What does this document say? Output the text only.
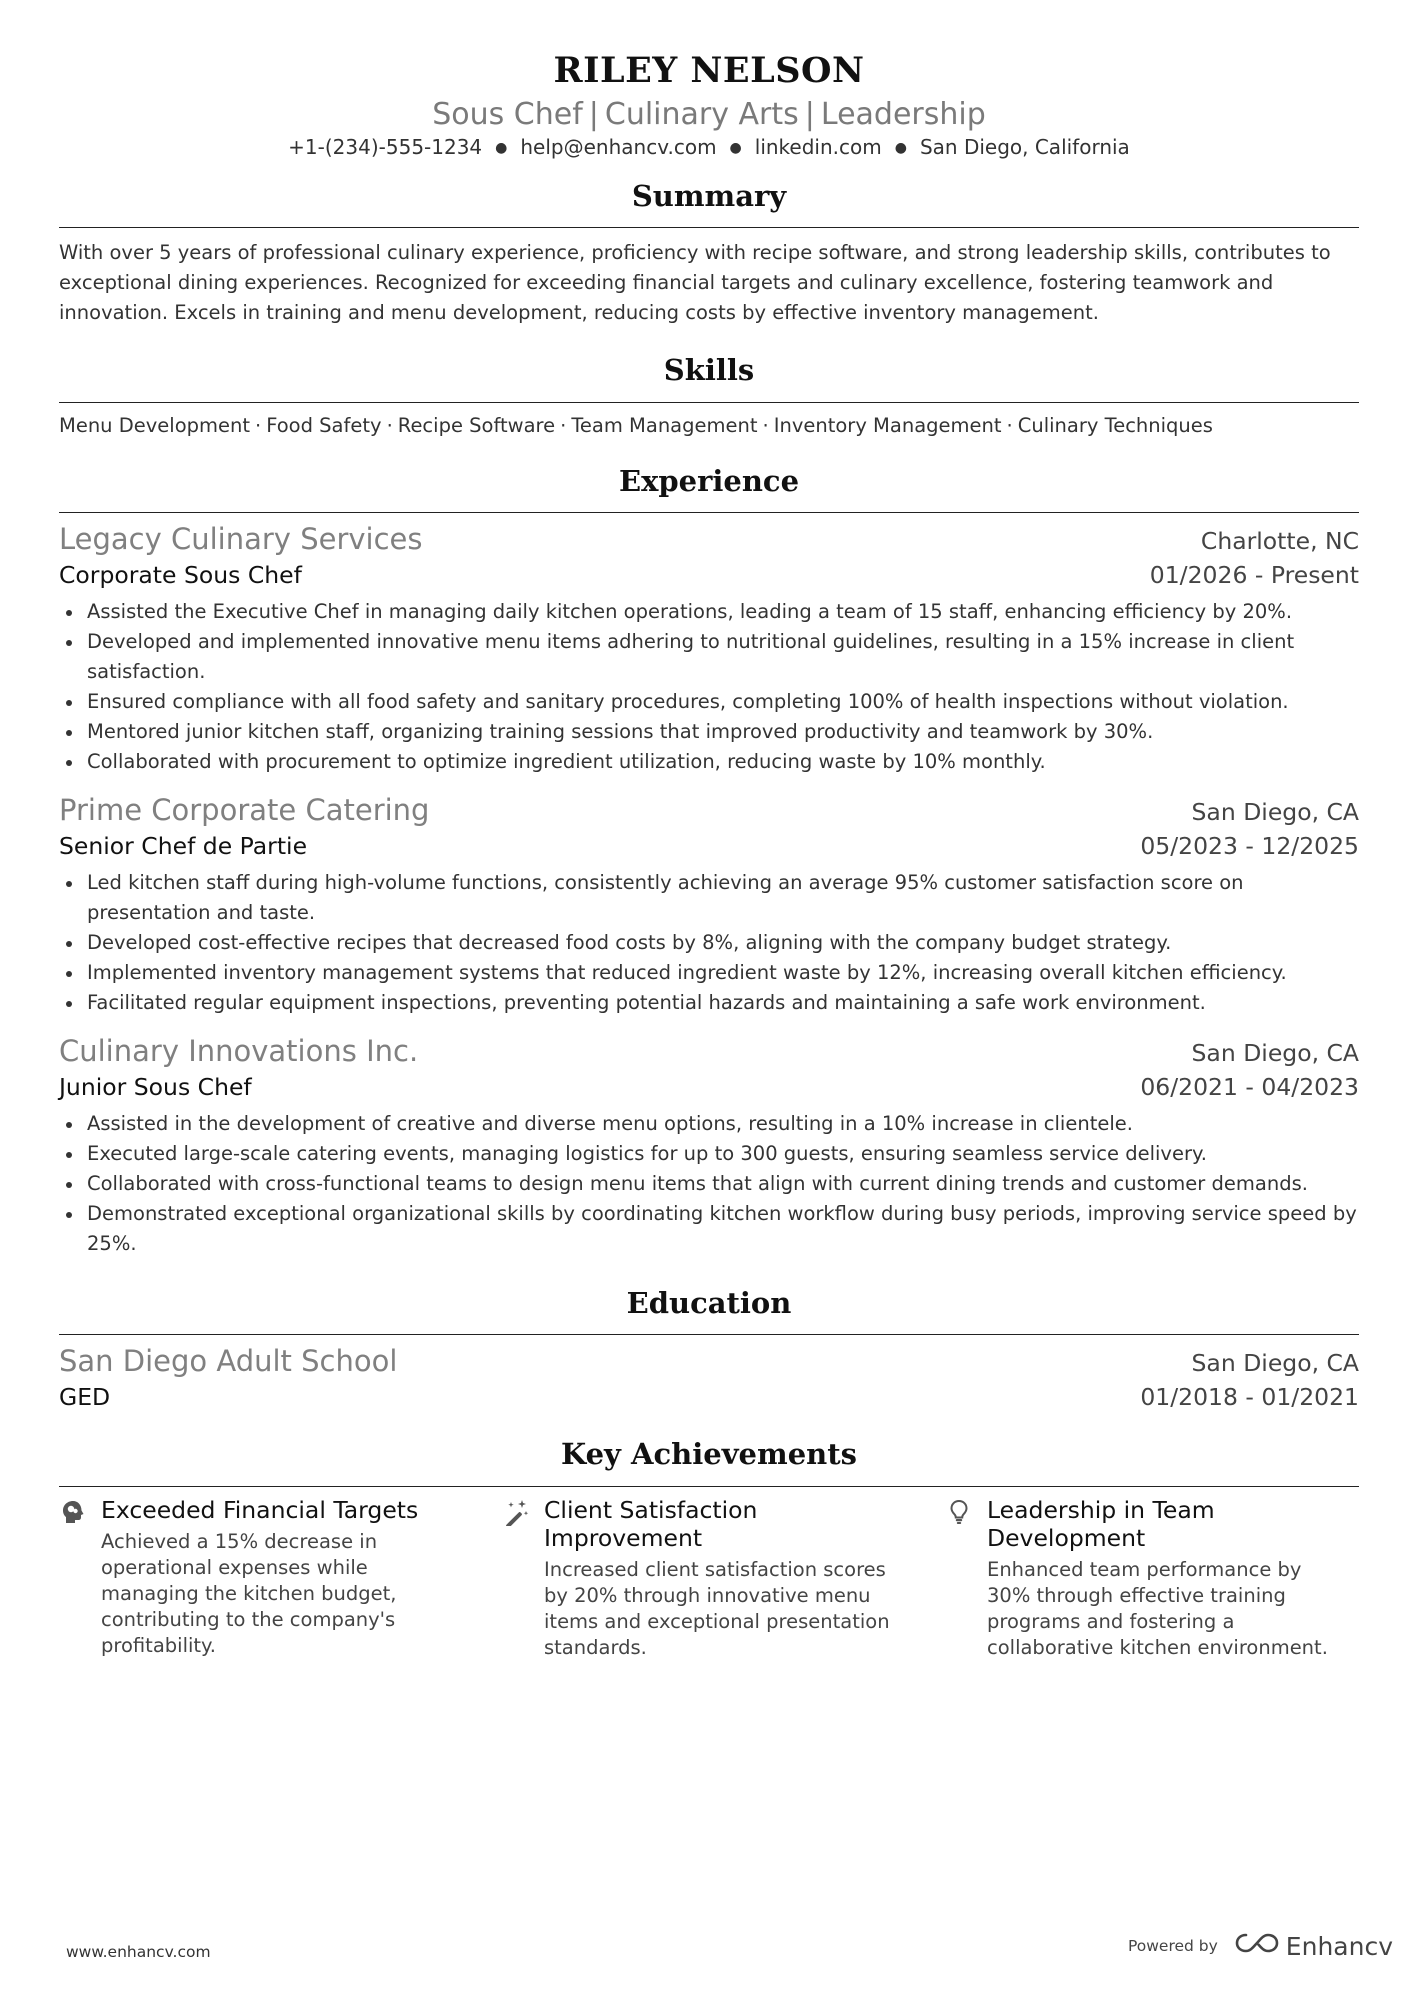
RILEY NELSON
Sous Chef | Culinary Arts | Leadership
+1-(234)-555-1234 ● help@enhancv.com ● linkedin.com ● San Diego, California
Summary

With over 5 years of professional culinary experience, proficiency with recipe software, and strong leadership skills, contributes to exceptional dining experiences. Recognized for exceeding financial targets and culinary excellence, fostering teamwork and innovation. Excels in training and menu development, reducing costs by effective inventory management.

Skills
Menu Development · Food Safety · Recipe Software · Team Management · Inventory Management · Culinary Techniques
Experience
Legacy Culinary Services	Charlotte, NC
Corporate Sous Chef	01/2026 - Present
Assisted the Executive Chef in managing daily kitchen operations, leading a team of 15 staff, enhancing efficiency by 20%.
Developed and implemented innovative menu items adhering to nutritional guidelines, resulting in a 15% increase in client satisfaction.
Ensured compliance with all food safety and sanitary procedures, completing 100% of health inspections without violation.
Mentored junior kitchen staff, organizing training sessions that improved productivity and teamwork by 30%.
Collaborated with procurement to optimize ingredient utilization, reducing waste by 10% monthly.
Prime Corporate Catering	San Diego, CA
Senior Chef de Partie	05/2023 - 12/2025
Led kitchen staff during high-volume functions, consistently achieving an average 95% customer satisfaction score on presentation and taste.
Developed cost-effective recipes that decreased food costs by 8%, aligning with the company budget strategy.
Implemented inventory management systems that reduced ingredient waste by 12%, increasing overall kitchen efficiency.
Facilitated regular equipment inspections, preventing potential hazards and maintaining a safe work environment.
Culinary Innovations Inc.	San Diego, CA
Junior Sous Chef	06/2021 - 04/2023
Assisted in the development of creative and diverse menu options, resulting in a 10% increase in clientele.
Executed large-scale catering events, managing logistics for up to 300 guests, ensuring seamless service delivery.
Collaborated with cross-functional teams to design menu items that align with current dining trends and customer demands.
Demonstrated exceptional organizational skills by coordinating kitchen workflow during busy periods, improving service speed by 25%.
Education
San Diego Adult School	San Diego, CA
GED	01/2018 - 01/2021
Key Achievements
Exceeded Financial Targets
Achieved a 15% decrease in operational expenses while managing the kitchen budget, contributing to the company's profitability.
Client Satisfaction Improvement
Increased client satisfaction scores by 20% through innovative menu items and exceptional presentation standards.
Leadership in Team Development
Enhanced team performance by 30% through effective training programs and fostering a collaborative kitchen environment.
www.enhancv.com	Powered by	Enhancv
